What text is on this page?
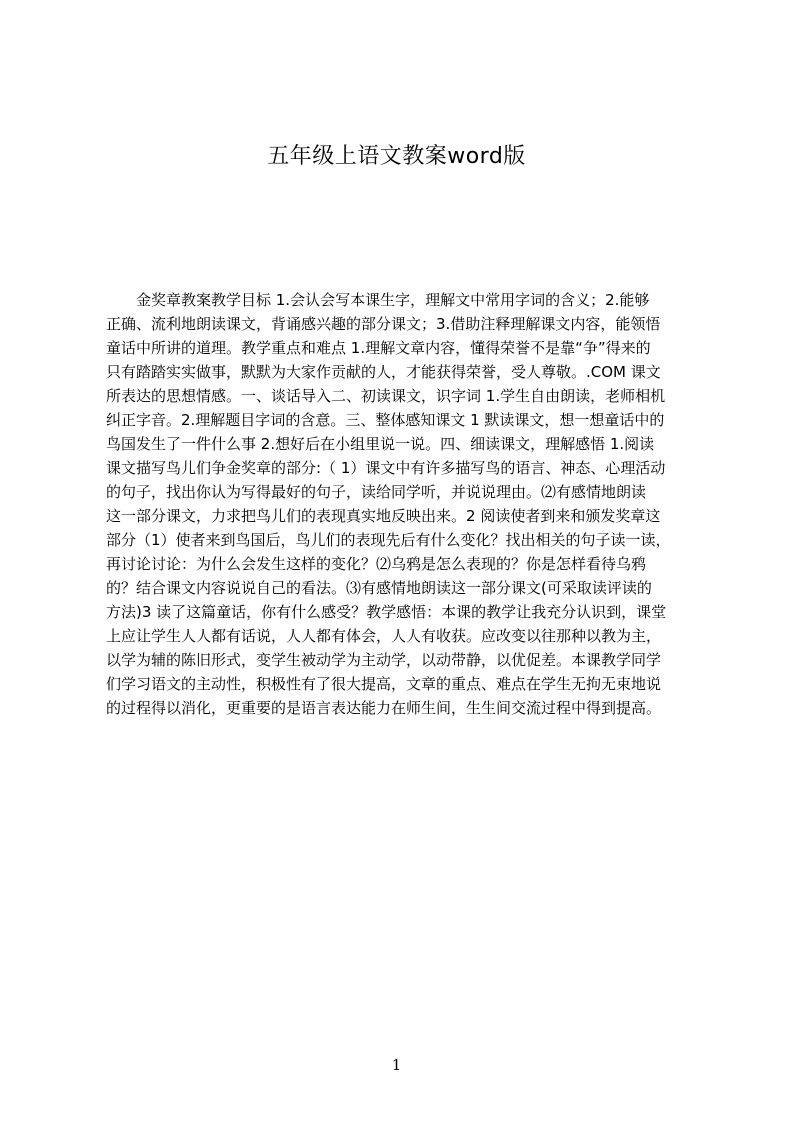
五年级上语文教案word版
金奖章教案教学目标 1.会认会写本课生字，理解文中常用字词的含义；2.能够
正确、流利地朗读课文，背诵感兴趣的部分课文；3.借助注释理解课文内容，能领悟
童话中所讲的道理。教学重点和难点 1.理解文章内容，懂得荣誉不是靠“争”得来的
只有踏踏实实做事，默默为大家作贡献的人，才能获得荣誉，受人尊敬。.COM 课文
所表达的思想情感。一、谈话导入二、初读课文，识字词 1.学生自由朗读，老师相机
纠正字音。2.理解题目字词的含意。三、整体感知课文 1 默读课文，想一想童话中的
鸟国发生了一件什么事 2.想好后在小组里说一说。四、细读课文，理解感悟 1.阅读
课文描写鸟儿们争金奖章的部分:（ 1）课文中有许多描写鸟的语言、神态、心理活动
的句子，找出你认为写得最好的句子，读给同学听，并说说理由。⑵有感情地朗读
这一部分课文，力求把鸟儿们的表现真实地反映出来。2 阅读使者到来和颁发奖章这
部分（1）使者来到鸟国后，鸟儿们的表现先后有什么变化？找出相关的句子读一读，
再讨论讨论：为什么会发生这样的变化？⑵乌鸦是怎么表现的？你是怎样看待乌鸦
的？结合课文内容说说自己的看法。⑶有感情地朗读这一部分课文(可采取读评读的
方法)3 读了这篇童话，你有什么感受？教学感悟：本课的教学让我充分认识到，课堂
上应让学生人人都有话说，人人都有体会，人人有收获。应改变以往那种以教为主，
以学为辅的陈旧形式，变学生被动学为主动学，以动带静，以优促差。本课教学同学
们学习语文的主动性，积极性有了很大提高，文章的重点、难点在学生无拘无束地说
的过程得以消化，更重要的是语言表达能力在师生间，生生间交流过程中得到提高。
1
